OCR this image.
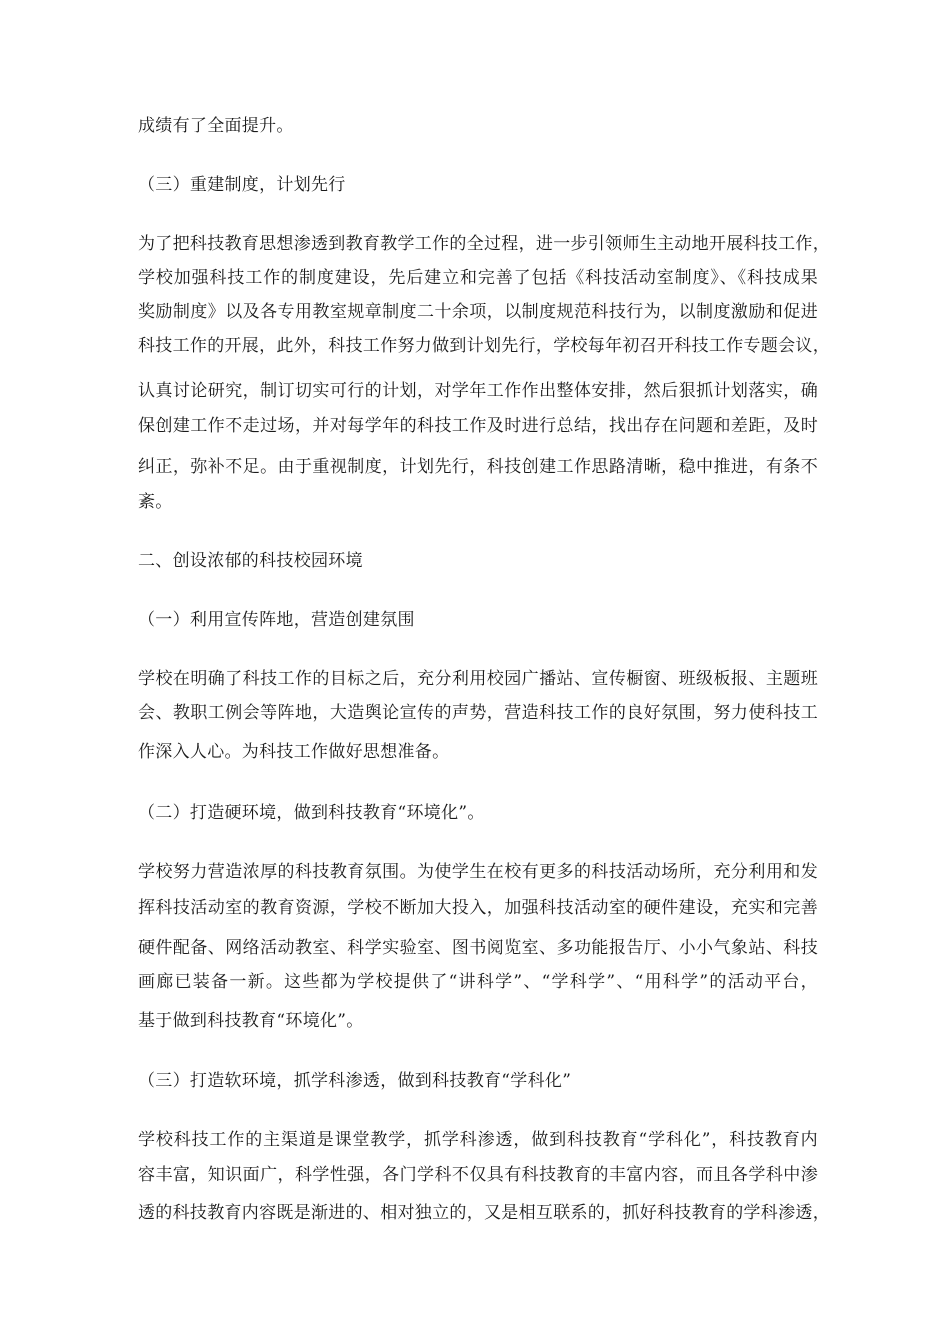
成绩有了全面提升。
（三）重建制度，计划先行
为了把科技教育思想渗透到教育教学工作的全过程，进一步引领师生主动地开展科技工作，
学校加强科技工作的制度建设，先后建立和完善了包括《科技活动室制度》、《科技成果
奖励制度》以及各专用教室规章制度二十余项，以制度规范科技行为，以制度激励和促进
科技工作的开展，此外，科技工作努力做到计划先行，学校每年初召开科技工作专题会议，
认真讨论研究，制订切实可行的计划，对学年工作作出整体安排，然后狠抓计划落实，确
保创建工作不走过场，并对每学年的科技工作及时进行总结，找出存在问题和差距，及时
纠正，弥补不足。由于重视制度，计划先行，科技创建工作思路清晰，稳中推进，有条不
紊。
二、创设浓郁的科技校园环境
（一）利用宣传阵地，营造创建氛围
学校在明确了科技工作的目标之后，充分利用校园广播站、宣传橱窗、班级板报、主题班
会、教职工例会等阵地，大造舆论宣传的声势，营造科技工作的良好氛围，努力使科技工
作深入人心。为科技工作做好思想准备。
（二）打造硬环境，做到科技教育“环境化”。
学校努力营造浓厚的科技教育氛围。为使学生在校有更多的科技活动场所，充分利用和发
挥科技活动室的教育资源，学校不断加大投入，加强科技活动室的硬件建设，充实和完善
硬件配备、网络活动教室、科学实验室、图书阅览室、多功能报告厅、小小气象站、科技
画廊已装备一新。这些都为学校提供了“讲科学”、“学科学”、“用科学”的活动平台，
基于做到科技教育“环境化”。
（三）打造软环境，抓学科渗透，做到科技教育“学科化”
学校科技工作的主渠道是课堂教学，抓学科渗透，做到科技教育“学科化”，科技教育内
容丰富，知识面广，科学性强，各门学科不仅具有科技教育的丰富内容，而且各学科中渗
透的科技教育内容既是渐进的、相对独立的，又是相互联系的，抓好科技教育的学科渗透，
